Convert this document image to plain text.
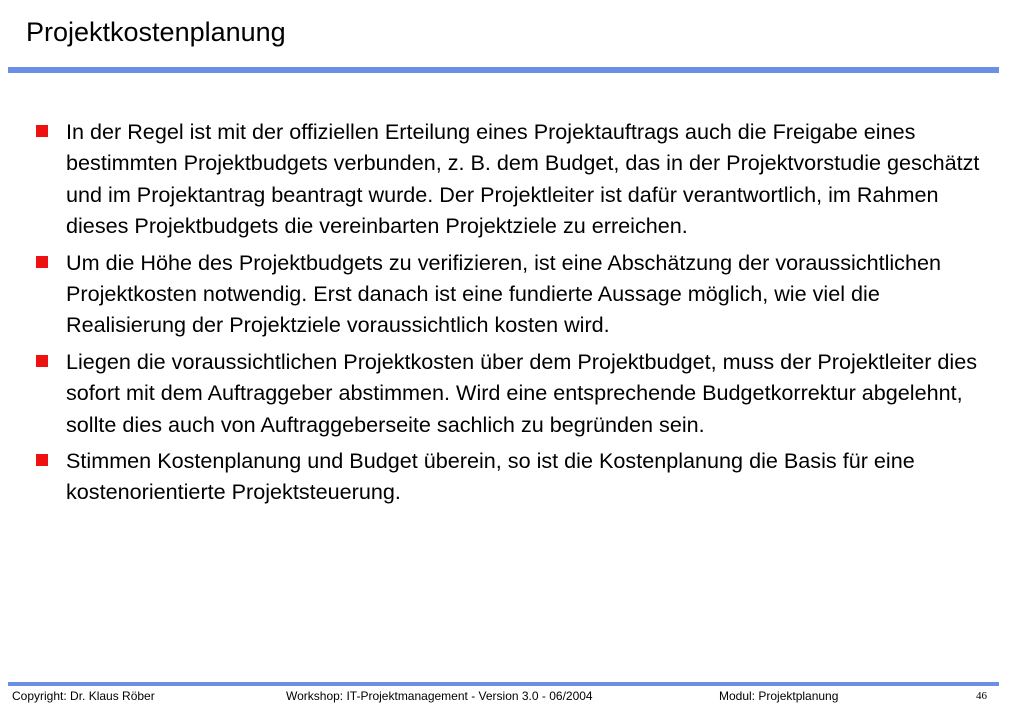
Projektkostenplanung
In der Regel ist mit der offiziellen Erteilung eines Projektauftrags auch die Freigabe eines bestimmten Projektbudgets verbunden, z. B. dem Budget, das in der Projektvorstudie geschätzt und im Projektantrag beantragt wurde. Der Projektleiter ist dafür verantwortlich, im Rahmen dieses Projektbudgets die vereinbarten Projektziele zu erreichen.
Um die Höhe des Projektbudgets zu verifizieren, ist eine Abschätzung der voraussichtlichen Projektkosten notwendig. Erst danach ist eine fundierte Aussage möglich, wie viel die Realisierung der Projektziele voraussichtlich kosten wird.
Liegen die voraussichtlichen Projektkosten über dem Projektbudget, muss der Projektleiter dies sofort mit dem Auftraggeber abstimmen. Wird eine entsprechende Budgetkorrektur abgelehnt, sollte dies auch von Auftraggeberseite sachlich zu begründen sein.
Stimmen Kostenplanung und Budget überein, so ist die Kostenplanung die Basis für eine kostenorientierte Projektsteuerung.
Copyright: Dr. Klaus Röber	Workshop: IT-Projektmanagement - Version 3.0 - 06/2004	Modul: Projektplanung	46
